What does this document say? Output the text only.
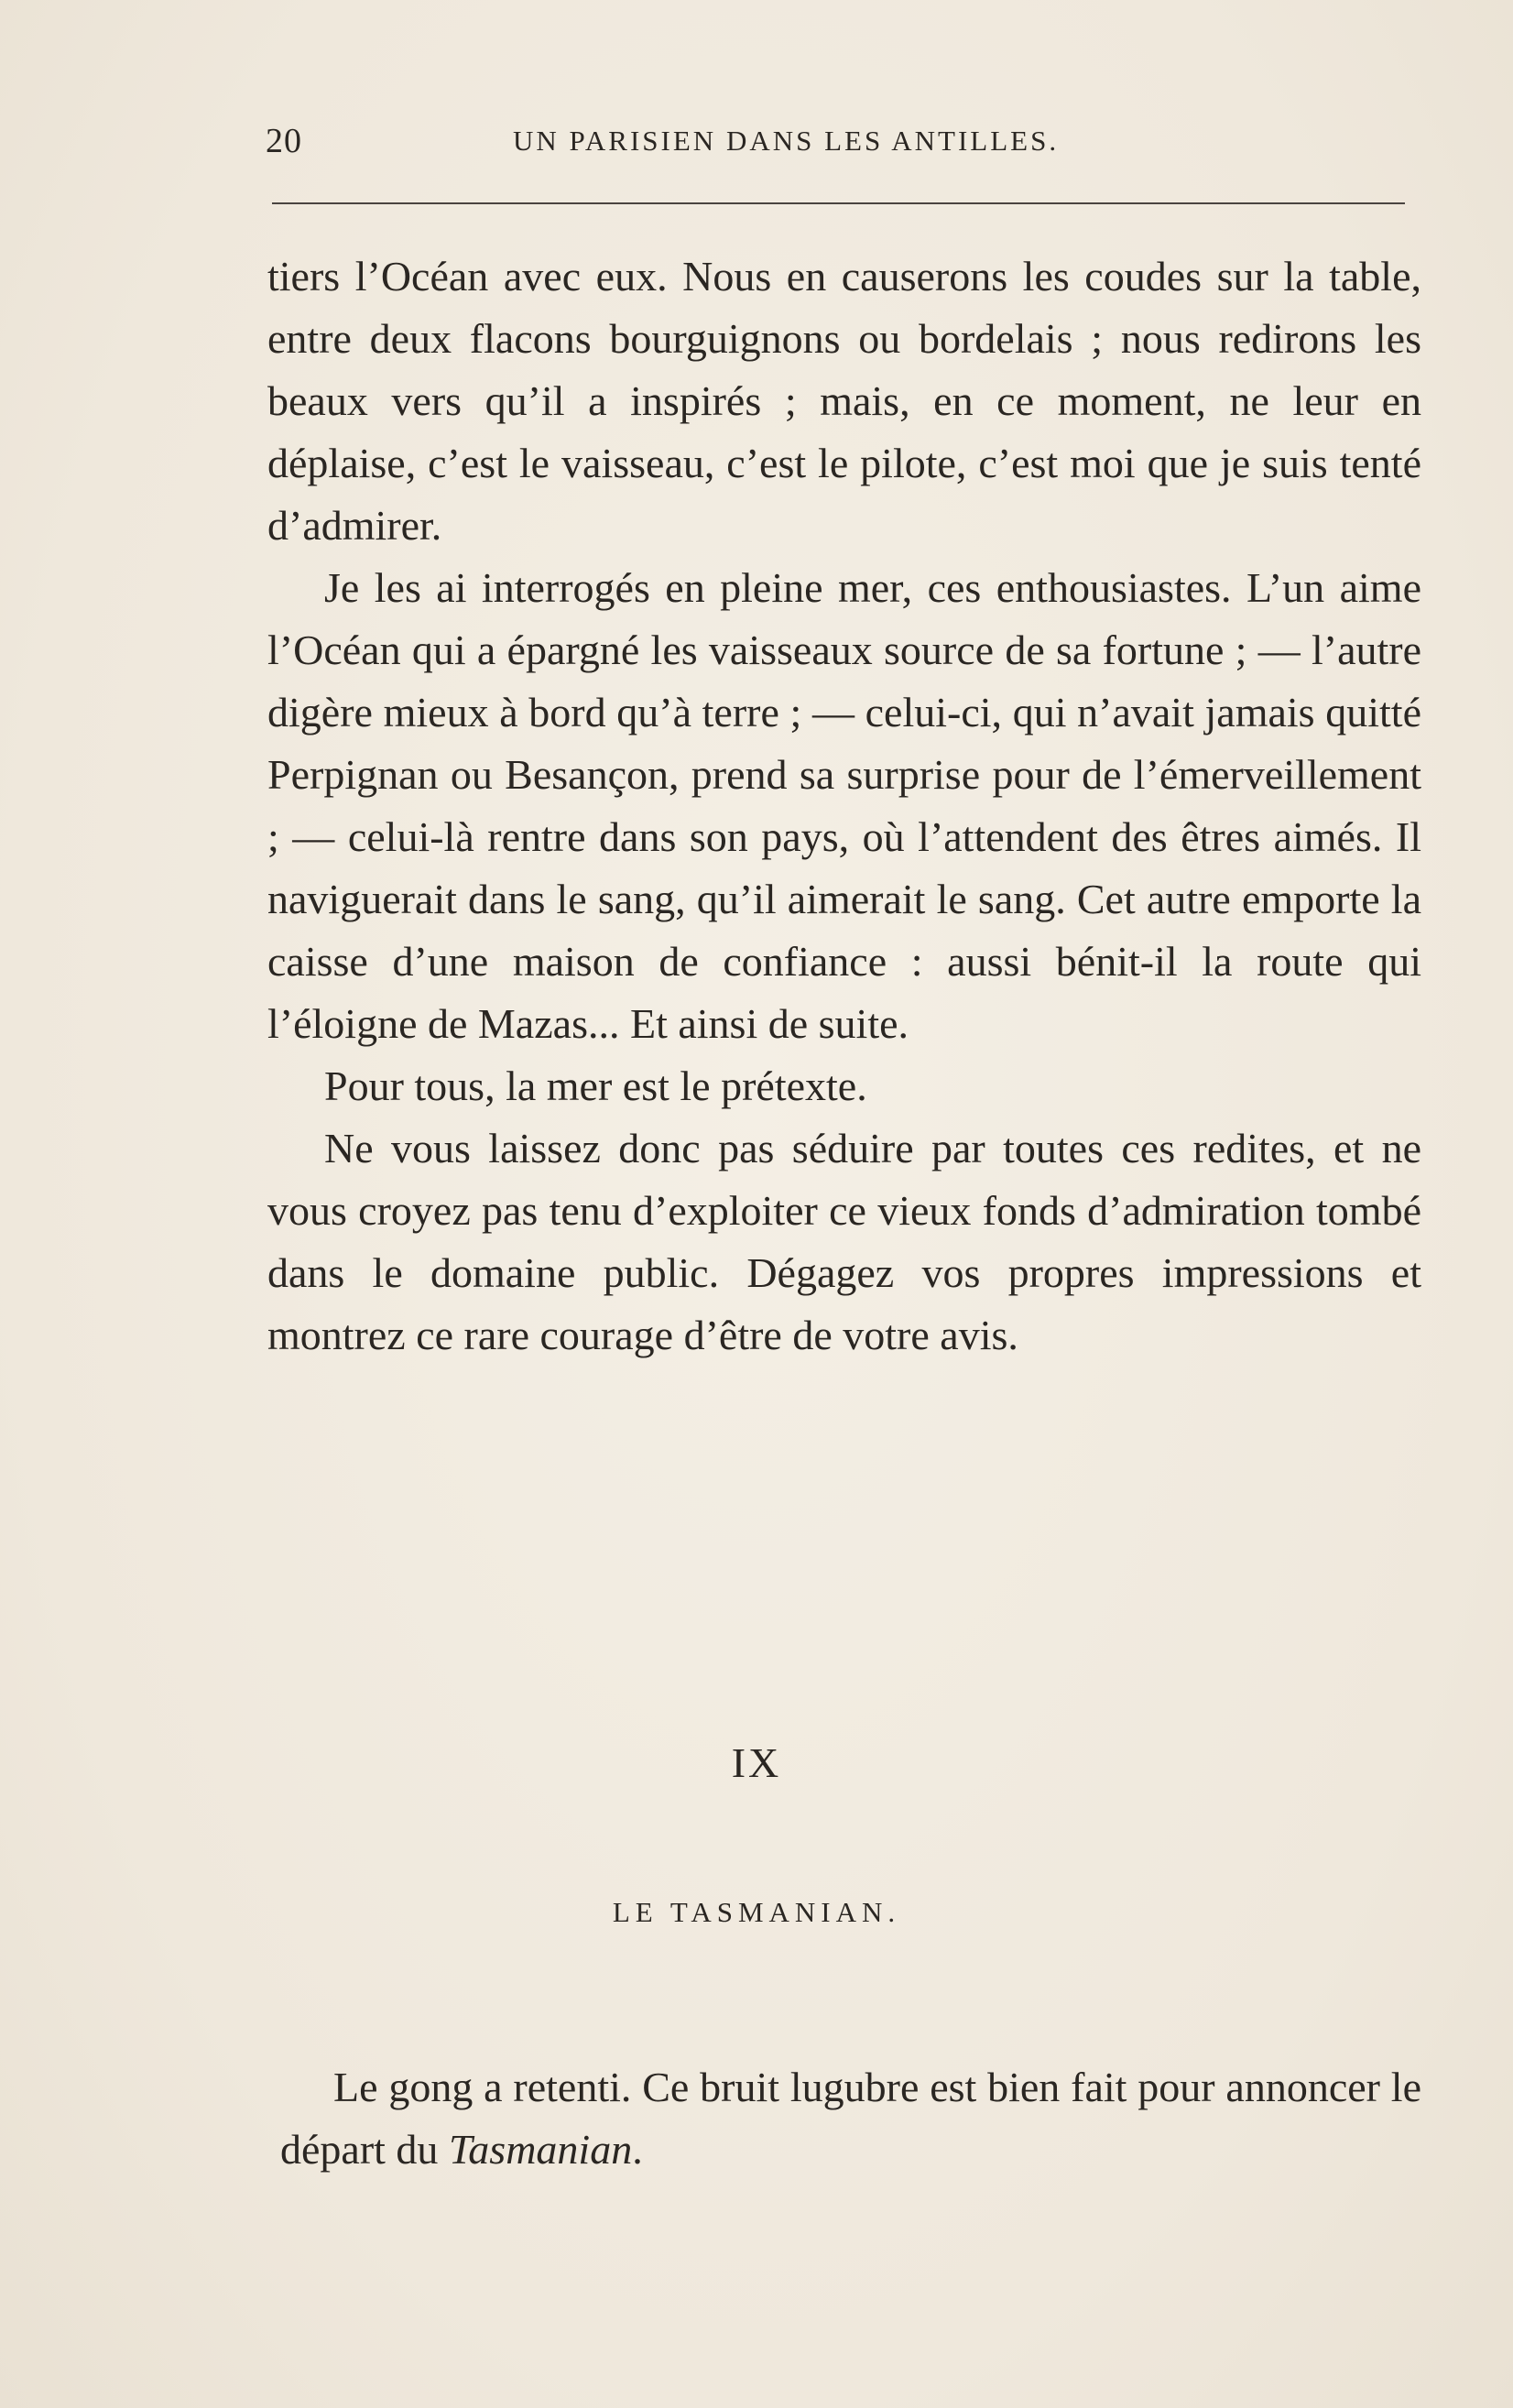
20	UN PARISIEN DANS LES ANTILLES.

tiers l’Océan avec eux. Nous en causerons les coudes sur la table, entre deux flacons bourguignons ou bordelais ; nous redirons les beaux vers qu’il a inspirés ; mais, en ce moment, ne leur en déplaise, c’est le vaisseau, c’est le pilote, c’est moi que je suis tenté d’admirer.

Je les ai interrogés en pleine mer, ces enthousiastes. L’un aime l’Océan qui a épargné les vaisseaux source de sa fortune ; — l’autre digère mieux à bord qu’à terre ; — celui-ci, qui n’avait jamais quitté Perpignan ou Besançon, prend sa surprise pour de l’émerveillement ; — celui-là rentre dans son pays, où l’attendent des êtres aimés. Il naviguerait dans le sang, qu’il aimerait le sang. Cet autre emporte la caisse d’une maison de confiance : aussi bénit-il la route qui l’éloigne de Mazas... Et ainsi de suite.

Pour tous, la mer est le prétexte.

Ne vous laissez donc pas séduire par toutes ces redites, et ne vous croyez pas tenu d’exploiter ce vieux fonds d’admiration tombé dans le domaine public. Dégagez vos propres impressions et montrez ce rare courage d’être de votre avis.

IX
LE TASMANIAN.

Le gong a retenti. Ce bruit lugubre est bien fait pour annoncer le départ du Tasmanian.
